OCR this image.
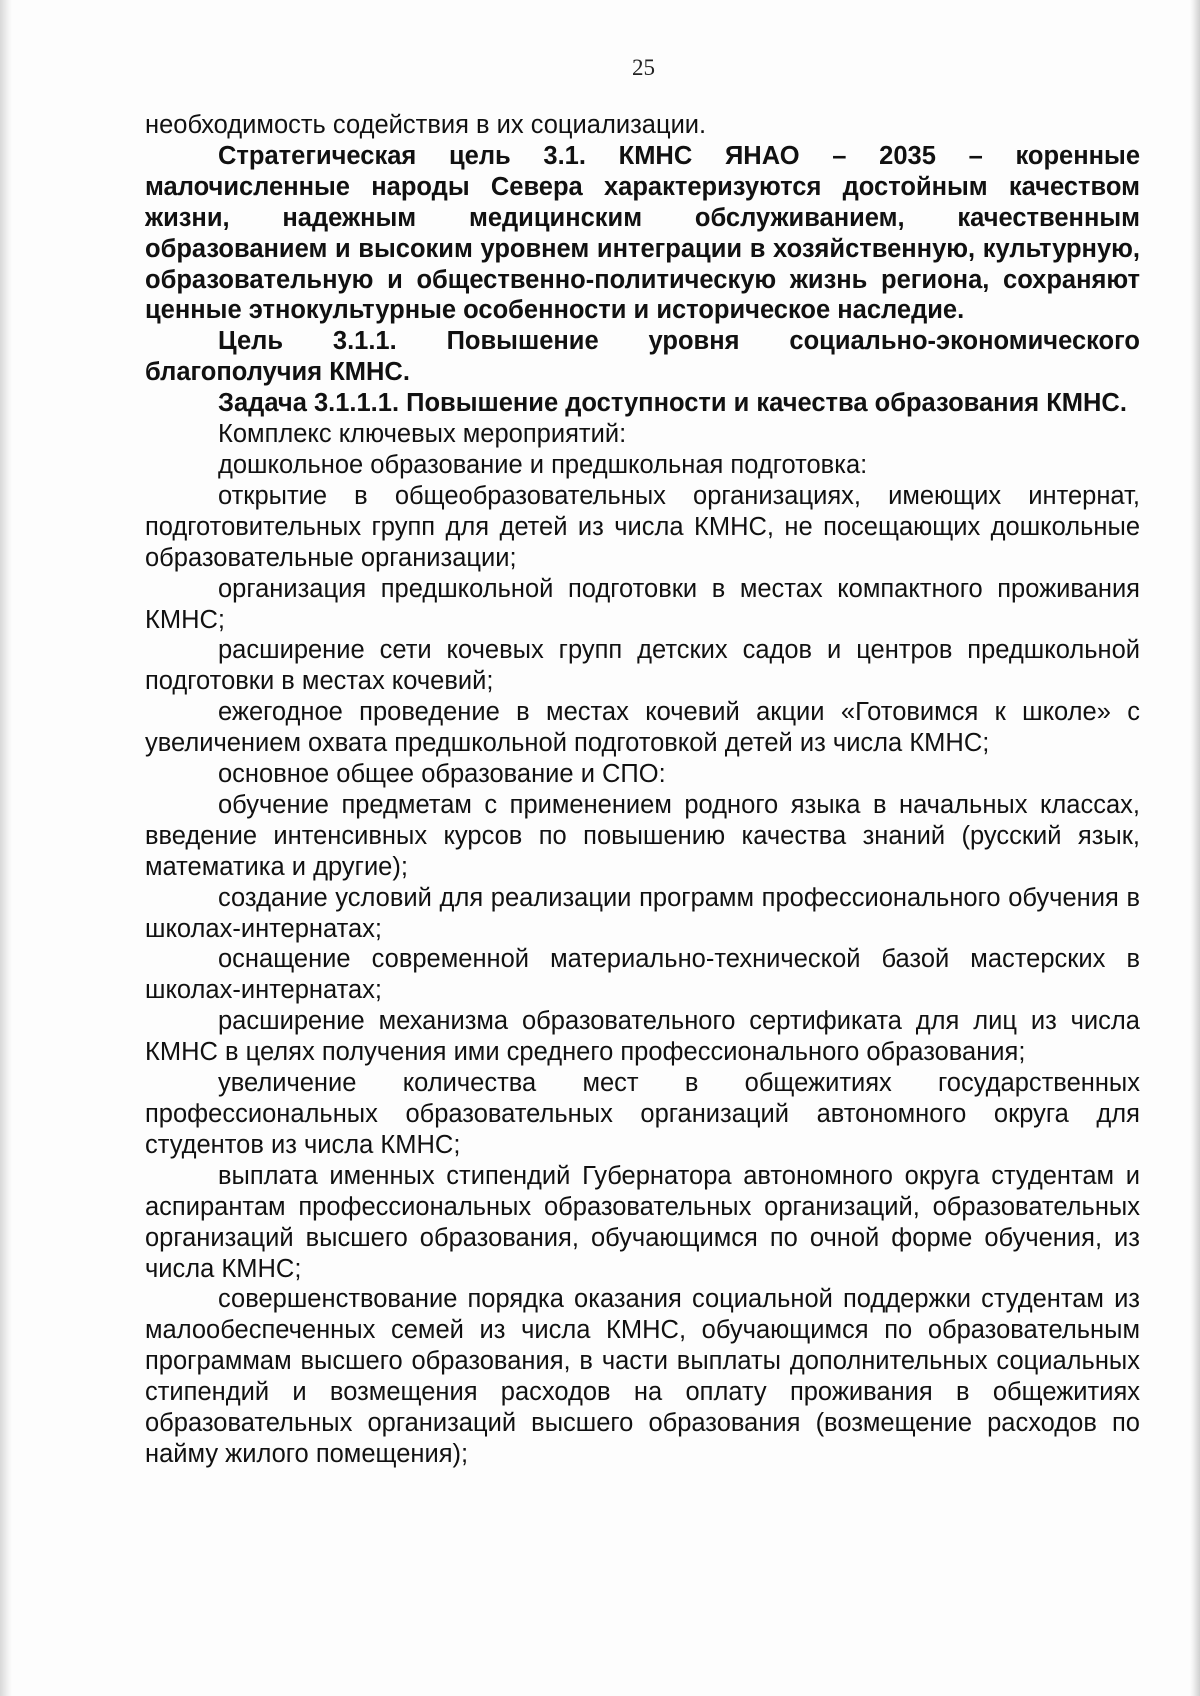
25

необходимость содействия в их социализации.

Стратегическая цель 3.1. КМНС ЯНАО – 2035 – коренные малочисленные народы Севера характеризуются достойным качеством жизни, надежным медицинским обслуживанием, качественным образованием и высоким уровнем интеграции в хозяйственную, культурную, образовательную и общественно-политическую жизнь региона, сохраняют ценные этнокультурные особенности и историческое наследие.

Цель 3.1.1. Повышение уровня социально-экономического благополучия КМНС.

Задача 3.1.1.1. Повышение доступности и качества образования КМНС.

Комплекс ключевых мероприятий:

дошкольное образование и предшкольная подготовка:

открытие в общеобразовательных организациях, имеющих интернат, подготовительных групп для детей из числа КМНС, не посещающих дошкольные образовательные организации;

организация предшкольной подготовки в местах компактного проживания КМНС;

расширение сети кочевых групп детских садов и центров предшкольной подготовки в местах кочевий;

ежегодное проведение в местах кочевий акции «Готовимся к школе» с увеличением охвата предшкольной подготовкой детей из числа КМНС;

основное общее образование и СПО:

обучение предметам с применением родного языка в начальных классах, введение интенсивных курсов по повышению качества знаний (русский язык, математика и другие);

создание условий для реализации программ профессионального обучения в школах-интернатах;

оснащение современной материально-технической базой мастерских в школах-интернатах;

расширение механизма образовательного сертификата для лиц из числа КМНС в целях получения ими среднего профессионального образования;

увеличение количества мест в общежитиях государственных профессиональных образовательных организаций автономного округа для студентов из числа КМНС;

выплата именных стипендий Губернатора автономного округа студентам и аспирантам профессиональных образовательных организаций, образовательных организаций высшего образования, обучающимся по очной форме обучения, из числа КМНС;

совершенствование порядка оказания социальной поддержки студентам из малообеспеченных семей из числа КМНС, обучающимся по образовательным программам высшего образования, в части выплаты дополнительных социальных стипендий и возмещения расходов на оплату проживания в общежитиях образовательных организаций высшего образования (возмещение расходов по найму жилого помещения);
